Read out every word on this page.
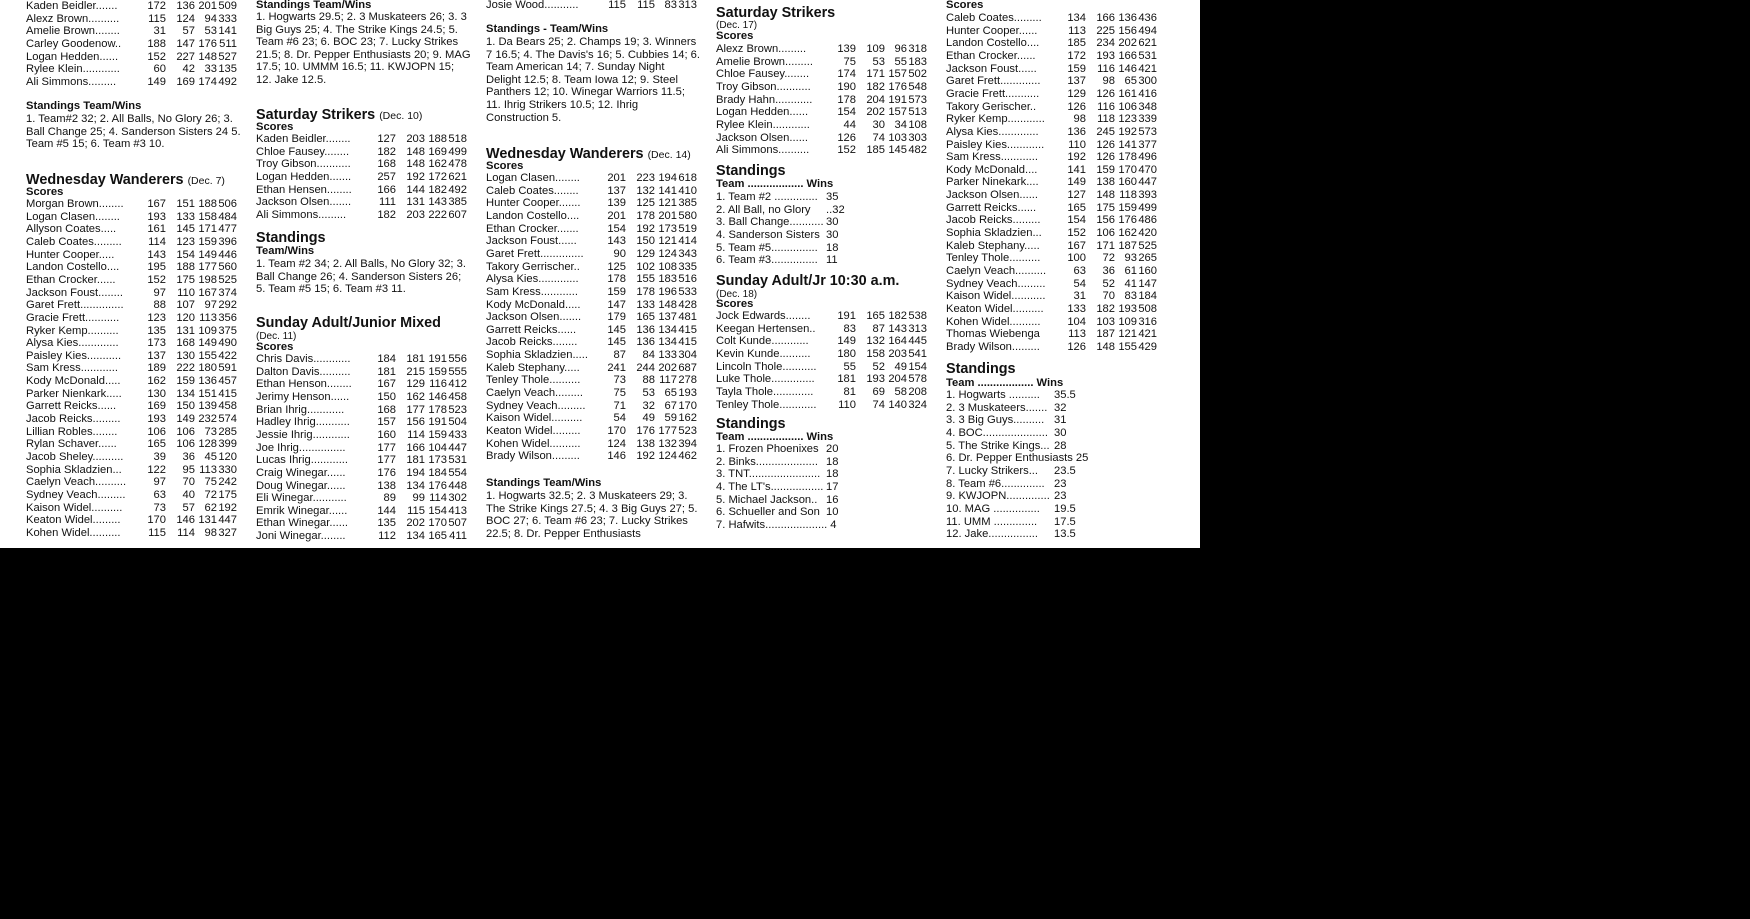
Kaden Beidler.......	172 136 201 509
Alexz Brown..........	115 124 94 333
Amelie Brown........	31	57 53 141
Carley Goodenow..	188 147 176 511
Logan Hedden......	152 227 148 527
Rylee Klein............	60	42 33 135
Ali Simmons.........	149 169 174 492
Standings Team/Wins
1. Team#2 32; 2. All Balls, No Glory 26; 3. Ball Change 25; 4. Sanderson Sisters 24 5. Team #5 15; 6. Team #3 10.
Wednesday Wanderers (Dec. 7)
Scores
Morgan Brown........	167 151 188 506
Logan Clasen........	193 133 158 484
Allyson Coates.....	161 145 171 477
Caleb Coates.........	114 123 159 396
Hunter Cooper.....	143 154 149 446
Landon Costello....	195 188 177 560
Ethan Crocker......	152 175 198 525
Jackson Foust........	97 110 167 374
Garet Frett..............	88 107 97 292
Gracie Frett...........	123 120 113 356
Ryker Kemp..........	135 131 109 375
Alysa Kies.............	173 168 149 490
Paisley Kies...........	137 130 155 422
Sam Kress............	189 222 180 591
Kody McDonald.....	162 159 136 457
Parker Nienkark.....	130 134 151 415
Garrett Reicks......	169 150 139 458
Jacob Reicks.........	193 149 232 574
Lillian Robles........	106 106 73 285
Rylan Schaver......	165 106 128 399
Jacob Sheley..........	39	36 45 120
Sophia Skladzien...	122	95 113 330
Caelyn Veach..........	97	70 75 242
Sydney Veach.........	63	40 72 175
Kaison Widel..........	73	57 62 192
Keaton Widel.........	170 146 131 447
Kohen Widel..........	115 114 98 327
Standings Team/Wins
1. Hogwarts 29.5; 2. 3 Muskateers 26; 3. 3 Big Guys 25; 4. The Strike Kings 24.5; 5. Team #6 23; 6. BOC 23; 7. Lucky Strikes 21.5; 8. Dr. Pepper Enthusiasts 20; 9. MAG 17.5; 10. UMMM 16.5; 11. KWJOPN 15; 12. Jake 12.5.
Saturday Strikers (Dec. 10)
Scores
Kaden Beidler........	127 203 188 518
Chloe Fausey........	182 148 169 499
Troy Gibson...........	168 148 162 478
Logan Hedden.......	257 192 172 621
Ethan Hensen........	166 144 182 492
Jackson Olsen.......	111 131 143 385
Ali Simmons.........	182 203 222 607
Standings
Team/Wins
1. Team #2 34; 2. All Balls, No Glory 32; 3. Ball Change 26; 4. Sanderson Sisters 26; 5. Team #5 15; 6. Team #3 11.
Sunday Adult/Junior Mixed
(Dec. 11)
Scores
Chris Davis............	184 181 191 556
Dalton Davis..........	181 215 159 555
Ethan Henson........	167 129 116 412
Jerimy Henson......	150 162 146 458
Brian Ihrig............	168 177 178 523
Hadley Ihrig...........	157 156 191 504
Jessie Ihrig............	160 114 159 433
Joe Ihrig...............	177 166 104 447
Lucas Ihrig............	177 181 173 531
Craig Winegar......	176 194 184 554
Doug Winegar......	138 134 176 448
Eli Winegar...........	89	99 114 302
Emrik Winegar......	144 115 154 413
Ethan Winegar......	135 202 170 507
Joni Winegar........	112 134 165 411
Josie Wood...........	115 115 83 313
Standings - Team/Wins
1. Da Bears 25; 2. Champs 19; 3. Winners 7 16.5; 4. The Davis's 16; 5. Cubbies 14; 6. Team American 14; 7. Sunday Night Delight 12.5; 8. Team Iowa 12; 9. Steel Panthers 12; 10. Winegar Warriors 11.5; 11. Ihrig Strikers 10.5; 12. Ihrig Construction 5.
Wednesday Wanderers (Dec. 14)
Scores
Logan Clasen........	201 223 194 618
Caleb Coates........	137 132 141 410
Hunter Cooper.......	139 125 121 385
Landon Costello....	201 178 201 580
Ethan Crocker.......	154 192 173 519
Jackson Foust......	143 150 121 414
Garet Frett..............	90 129 124 343
Takory Gerrischer..	125 102 108 335
Alysa Kies.............	178 155 183 516
Sam Kress............	159 178 196 533
Kody McDonald.....	147 133 148 428
Jackson Olsen.......	179 165 137 481
Garrett Reicks......	145 136 134 415
Jacob Reicks........	145 136 134 415
Sophia Skladzien.....	87	84 133 304
Kaleb Stephany.....	241 244 202 687
Tenley Thole..........	73	88 117 278
Caelyn Veach.........	75	53 65 193
Sydney Veach.........	71	32 67 170
Kaison Widel..........	54	49 59 162
Keaton Widel.........	170 176 177 523
Kohen Widel..........	124 138 132 394
Brady Wilson.........	146 192 124 462
Standings Team/Wins
1. Hogwarts 32.5; 2. 3 Muskateers 29; 3. The Strike Kings 27.5; 4. 3 Big Guys 27; 5. BOC 27; 6. Team #6 23; 7. Lucky Strikes 22.5; 8. Dr. Pepper Enthusiasts
Saturday Strikers
(Dec. 17)
Scores
Alexz Brown.........	139 109 96 318
Amelie Brown.........	75	53 55 183
Chloe Fausey........	174 171 157 502
Troy Gibson...........	190 182 176 548
Brady Hahn............	178 204 191 573
Logan Hedden......	154 202 157 513
Rylee Klein............	44	30 34 108
Jackson Olsen......	126	74 103 303
Ali Simmons..........	152 185 145 482
Standings
Team .................. Wins
1. Team #2 .............. 35
2. All Ball, no Glory ..32
3. Ball Change........... 30
4. Sanderson Sisters 30
5. Team #5............... 18
6. Team #3............... 11
Sunday Adult/Jr 10:30 a.m.
(Dec. 18)
Scores
Jock Edwards........	191 165 182 538
Keegan Hertensen..	83	87 143 313
Colt Kunde............	149 132 164 445
Kevin Kunde..........	180 158 203 541
Lincoln Thole...........	55	52 49 154
Luke Thole..............	181 193 204 578
Tayla Thole.............	81	69 58 208
Tenley Thole............	110	74 140 324
Standings
Team .................. Wins
1. Frozen Phoenixes 20
2. Binks.................... 18
3. TNT....................... 18
4. The LT's................. 17
5. Michael Jackson.. 16
6. Schueller and Son 10
7. Hafwits.................... 4
Scores
Caleb Coates.........	134 166 136 436
Hunter Cooper......	113 225 156 494
Landon Costello....	185 234 202 621
Ethan Crocker......	172 193 166 531
Jackson Foust......	159 116 146 421
Garet Frett.............	137	98 65 300
Gracie Frett...........	129 126 161 416
Takory Gerischer..	126 116 106 348
Ryker Kemp............	98 118 123 339
Alysa Kies.............	136 245 192 573
Paisley Kies............	110 126 141 377
Sam Kress............	192 126 178 496
Kody McDonald....	141 159 170 470
Parker Ninekark....	149 138 160 447
Jackson Olsen......	127 148 118 393
Garrett Reicks......	165 175 159 499
Jacob Reicks.........	154 156 176 486
Sophia Skladzien...	152 106 162 420
Kaleb Stephany.....	167 171 187 525
Tenley Thole..........	100	72 93 265
Caelyn Veach..........	63	36 61 160
Sydney Veach.........	54	52 41 147
Kaison Widel...........	31	70 83 184
Keaton Widel..........	133 182 193 508
Kohen Widel..........	104 103 109 316
Thomas Wiebenga	113 187 121 421
Brady Wilson.........	126 148 155 429
Standings
Team .................. Wins
1. Hogwarts .......... 35.5
2. 3 Muskateers....... 32
3. 3 Big Guys.......... 31
4. BOC..................... 30
5. The Strike Kings... 28
6. Dr. Pepper Enthusiasts 25
7. Lucky Strikers... 23.5
8. Team #6.............. 23
9. KWJOPN.............. 23
10. MAG ............... 19.5
11. UMM .............. 17.5
12. Jake................ 13.5
